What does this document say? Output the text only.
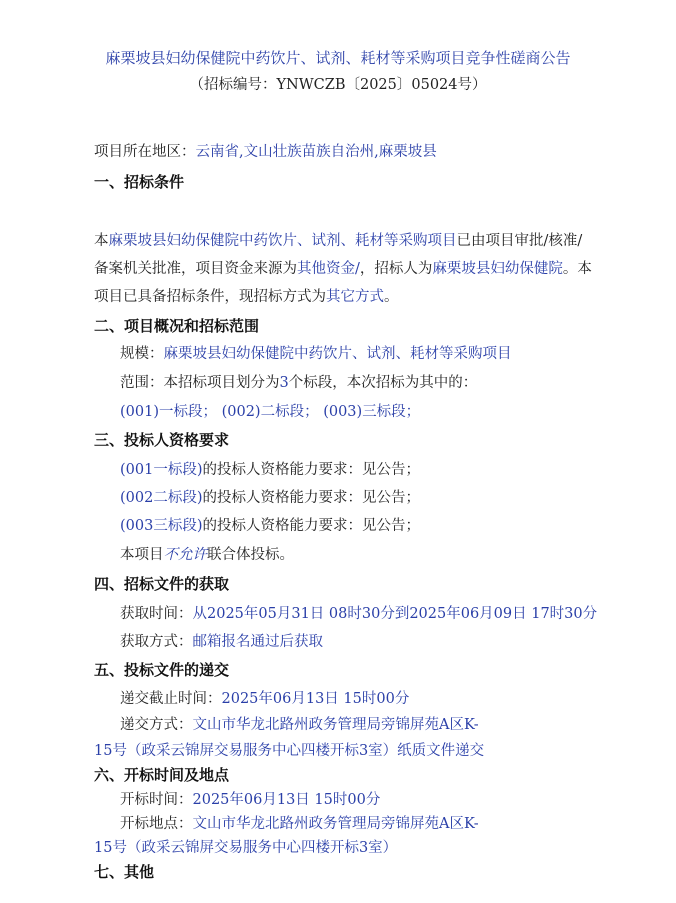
麻栗坡县妇幼保健院中药饮片、试剂、耗材等采购项目竞争性磋商公告
（招标编号：YNWCZB〔2025〕05024号）
项目所在地区：云南省,文山壮族苗族自治州,麻栗坡县
一、招标条件
本麻栗坡县妇幼保健院中药饮片、试剂、耗材等采购项目已由项目审批/核准/
备案机关批准，项目资金来源为其他资金/，招标人为麻栗坡县妇幼保健院。本
项目已具备招标条件，现招标方式为其它方式。
二、项目概况和招标范围
规模：麻栗坡县妇幼保健院中药饮片、试剂、耗材等采购项目
范围：本招标项目划分为3个标段，本次招标为其中的：
(001)一标段； (002)二标段； (003)三标段；
三、投标人资格要求
(001一标段)的投标人资格能力要求：见公告；
(002二标段)的投标人资格能力要求：见公告；
(003三标段)的投标人资格能力要求：见公告；
本项目不允许联合体投标。
四、招标文件的获取
获取时间：从2025年05月31日 08时30分到2025年06月09日 17时30分
获取方式：邮箱报名通过后获取
五、投标文件的递交
递交截止时间：2025年06月13日 15时00分
递交方式：文山市华龙北路州政务管理局旁锦屏苑A区K-
15号（政采云锦屏交易服务中心四楼开标3室）纸质文件递交
六、开标时间及地点
开标时间：2025年06月13日 15时00分
开标地点：文山市华龙北路州政务管理局旁锦屏苑A区K-
15号（政采云锦屏交易服务中心四楼开标3室）
七、其他
